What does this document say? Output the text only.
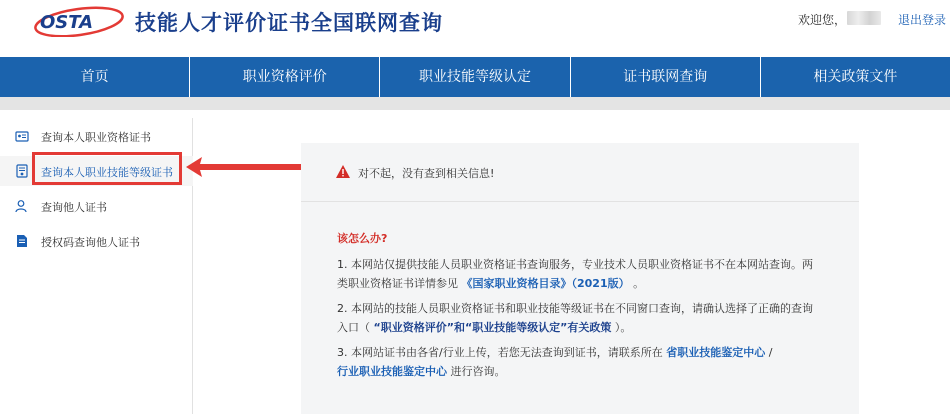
OSTA 技能人才评价证书全国联网查询	欢迎您，	退出登录
首页	职业资格评价	职业技能等级认定	证书联网查询	相关政策文件
查询本人职业资格证书
查询本人职业技能等级证书
查询他人证书
授权码查询他人证书
对不起，没有查到相关信息!
该怎么办?
1. 本网站仅提供技能人员职业资格证书查询服务，专业技术人员职业资格证书不在本网站查询。两
类职业资格证书详情参见 《国家职业资格目录》（2021版） 。
2. 本网站的技能人员职业资格证书和职业技能等级证书在不同窗口查询，请确认选择了正确的查询
入口（ “职业资格评价”和“职业技能等级认定”有关政策 ）。
3. 本网站证书由各省/行业上传，若您无法查询到证书，请联系所在 省职业技能鉴定中心 /
行业职业技能鉴定中心 进行咨询。
